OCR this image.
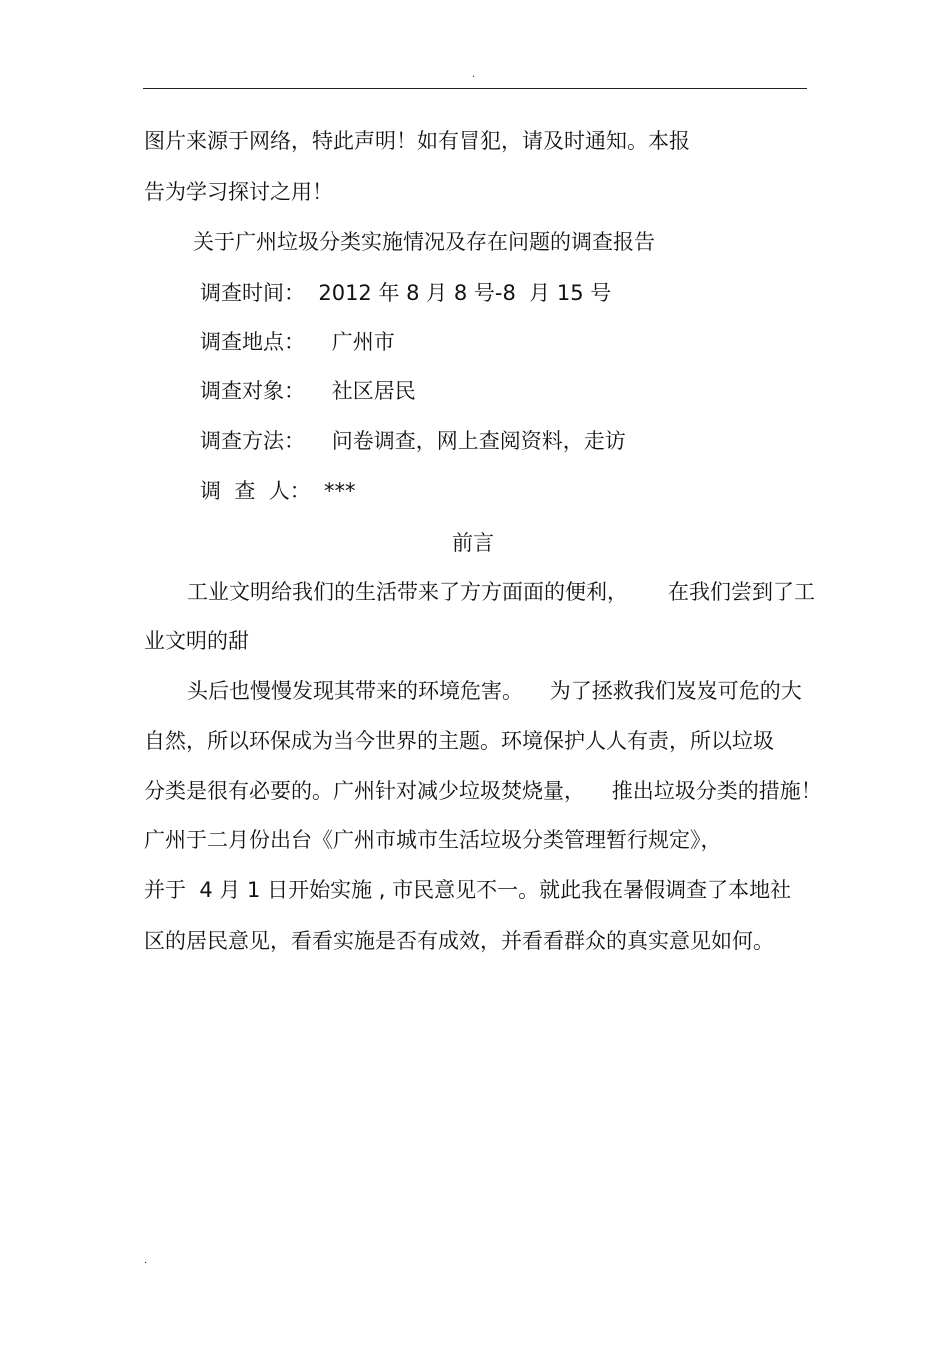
.
图片来源于网络，特此声明！如有冒犯，请及时通知。本报
告为学习探讨之用！
关于广州垃圾分类实施情况及存在问题的调查报告
调查时间：  2012 年 8 月 8 号-8  月 15 号
调查地点：    广州市
调查对象：    社区居民
调查方法：    问卷调查，网上查阅资料，走访
调  查  人：  ***
前言
工业文明给我们的生活带来了方方面面的便利，      在我们尝到了工
业文明的甜
头后也慢慢发现其带来的环境危害。    为了拯救我们岌岌可危的大
自然，所以环保成为当今世界的主题。环境保护人人有责，所以垃圾
分类是很有必要的。广州针对减少垃圾焚烧量，    推出垃圾分类的措施！
广州于二月份出台《广州市城市生活垃圾分类管理暂行规定》，
并于  4 月 1 日开始实施 , 市民意见不一。就此我在暑假调查了本地社
区的居民意见，看看实施是否有成效，并看看群众的真实意见如何。
.
